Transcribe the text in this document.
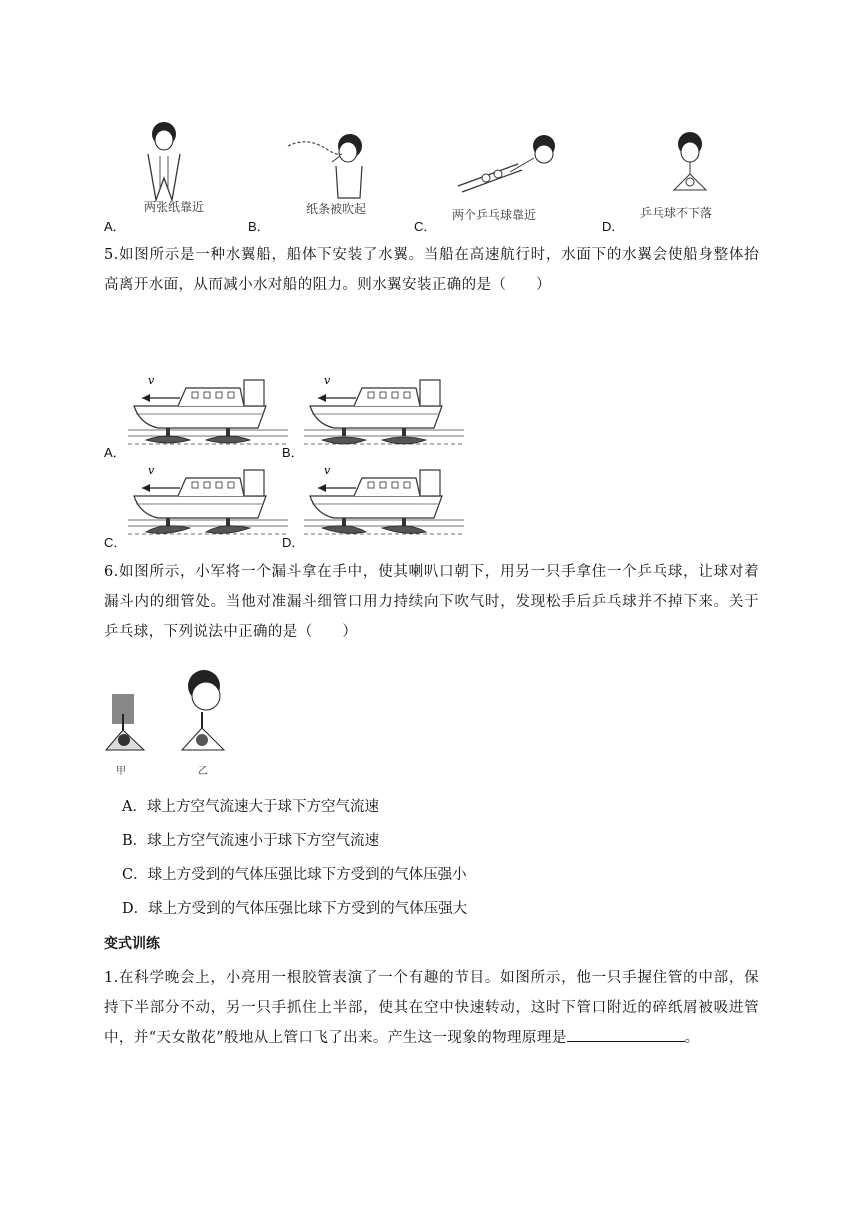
两张纸靠近
A．
纸条被吹起
B．
两个乒乓球靠近
C．
乒乓球不下落
D．
5.如图所示是一种水翼船，船体下安装了水翼。当船在高速航行时，水面下的水翼会使船身整体抬高离开水面，从而减小水对船的阻力。则水翼安装正确的是（　　）
A．
v
B．
v
C．
v
D．
v
6.如图所示，小军将一个漏斗拿在手中，使其喇叭口朝下，用另一只手拿住一个乒乓球，让球对着漏斗内的细管处。当他对准漏斗细管口用力持续向下吹气时，发现松手后乒乓球并不掉下来。关于乒乓球，下列说法中正确的是（　　）
甲	乙
A．球上方空气流速大于球下方空气流速
B．球上方空气流速小于球下方空气流速
C．球上方受到的气体压强比球下方受到的气体压强小
D．球上方受到的气体压强比球下方受到的气体压强大
变式训练
1.在科学晚会上，小亮用一根胶管表演了一个有趣的节目。如图所示，他一只手握住管的中部，保持下半部分不动，另一只手抓住上半部，使其在空中快速转动，这时下管口附近的碎纸屑被吸进管中，并“天女散花”般地从上管口飞了出来。产生这一现象的物理原理是	。
